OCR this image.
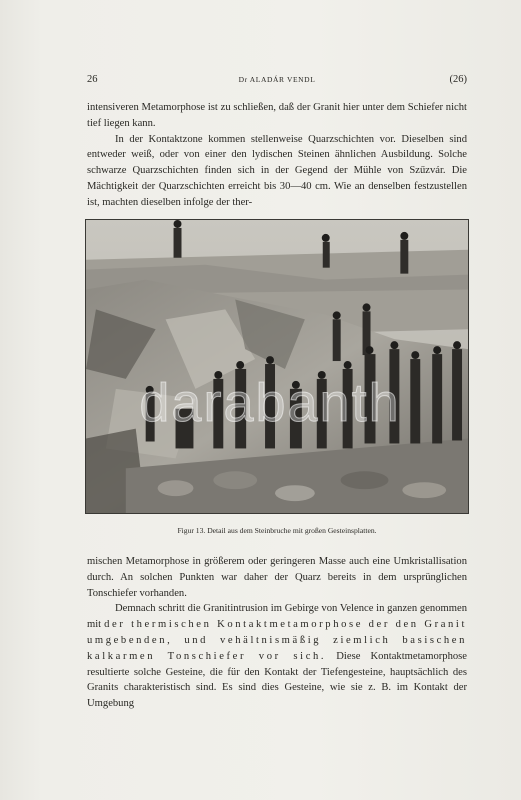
26	Dr ALADÁR VENDL	(26)

intensiveren Metamorphose ist zu schließen, daß der Granit hier unter dem Schiefer nicht tief liegen kann.

In der Kontaktzone kommen stellenweise Quarzschichten vor. Dieselben sind entweder weiß, oder von einer den lydischen Steinen ähnlichen Ausbildung. Solche schwarze Quarzschichten finden sich in der Gegend der Mühle von Szűzvár. Die Mächtigkeit der Quarzschichten erreicht bis 30—40 cm. Wie an denselben festzustellen ist, machten dieselben infolge der ther-

darabanth
Figur 13. Detail aus dem Steinbruche mit großen Gesteinsplatten.

mischen Metamorphose in größerem oder geringeren Masse auch eine Umkristallisation durch. An solchen Punkten war daher der Quarz bereits in dem ursprünglichen Tonschiefer vorhanden.

Demnach schritt die Granitintrusion im Gebirge von Velence in ganzen genommen mit der thermischen Kontaktmetamorphose der den Granit umgebenden, und vehältnismäßig ziemlich basischen kalkarmen Tonschiefer vor sich. Diese Kontaktmetamorphose resultierte solche Gesteine, die für den Kontakt der Tiefengesteine, hauptsächlich des Granits charakteristisch sind. Es sind dies Gesteine, wie sie z. B. im Kontakt der Umgebung
